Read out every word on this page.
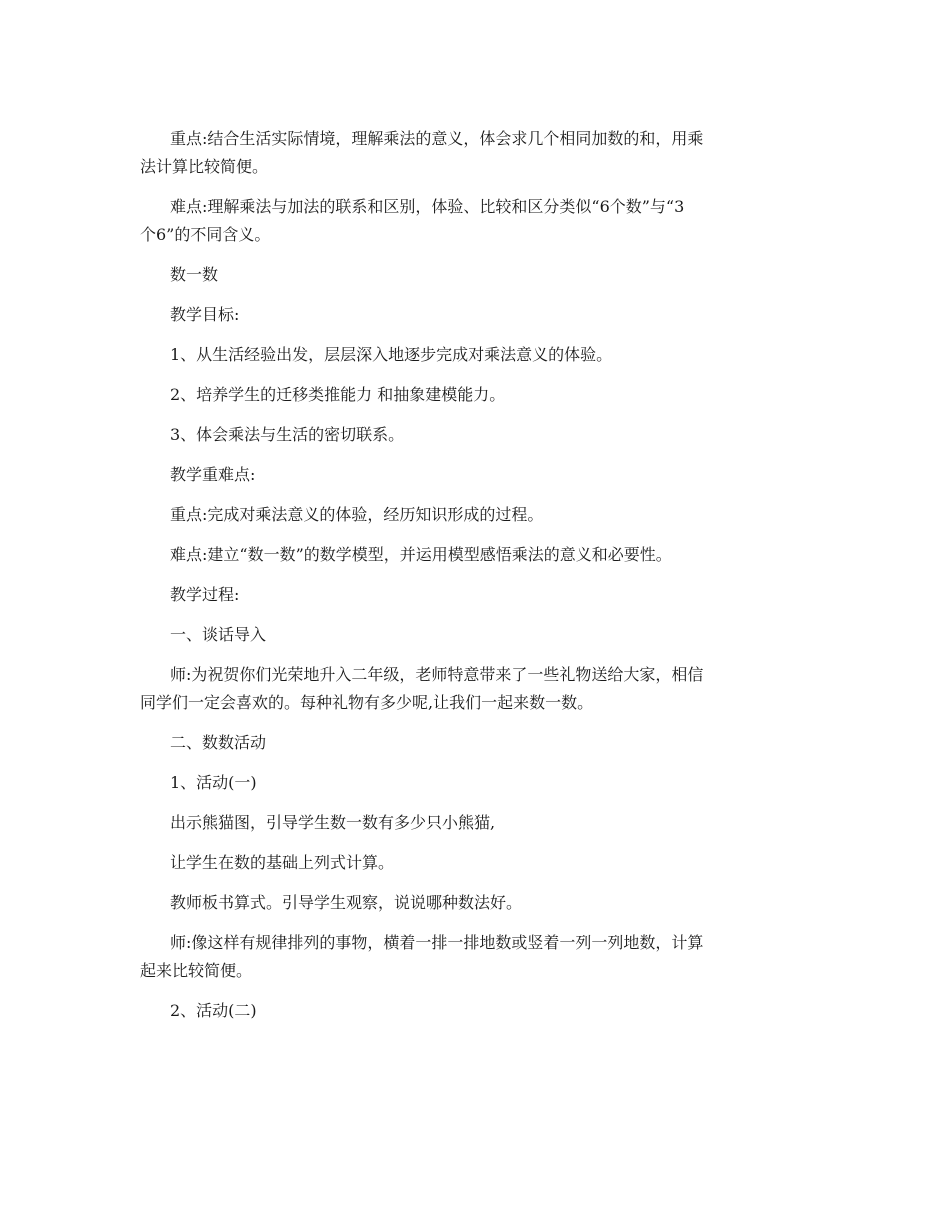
重点:结合生活实际情境，理解乘法的意义，体会求几个相同加数的和，用乘
法计算比较简便。

难点:理解乘法与加法的联系和区别，体验、比较和区分类似“6个数”与“3
个6”的不同含义。

数一数

教学目标:

1、从生活经验出发，层层深入地逐步完成对乘法意义的体验。

2、培养学生的迁移类推能力 和抽象建模能力。

3、体会乘法与生活的密切联系。

教学重难点:

重点:完成对乘法意义的体验，经历知识形成的过程。

难点:建立“数一数”的数学模型，并运用模型感悟乘法的意义和必要性。

教学过程:

一、谈话导入

师:为祝贺你们光荣地升入二年级，老师特意带来了一些礼物送给大家，相信
同学们一定会喜欢的。每种礼物有多少呢,让我们一起来数一数。

二、数数活动

1、活动(一)

出示熊猫图，引导学生数一数有多少只小熊猫,

让学生在数的基础上列式计算。

教师板书算式。引导学生观察，说说哪种数法好。

师:像这样有规律排列的事物，横着一排一排地数或竖着一列一列地数，计算
起来比较简便。

2、活动(二)
